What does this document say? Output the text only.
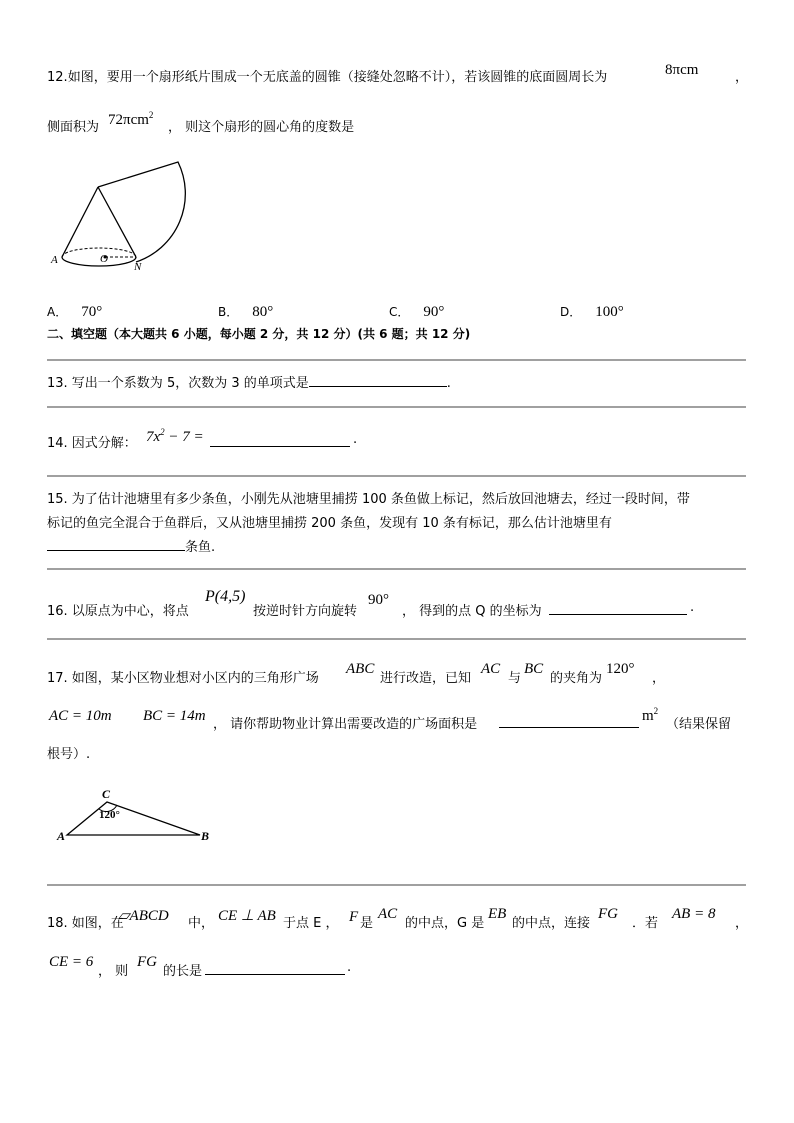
12.如图，要用一个扇形纸片围成一个无底盖的圆锥（接缝处忽略不计），若该圆锥的底面圆周长为	8πcm	，
侧面积为 72πcm$^2$
， 则这个扇形的圆心角的度数是
A	O
N
A． 70°	B． 80°	C． 90°	D． 100°
二、填空题（本大题共 6 小题，每小题 2 分，共 12 分）(共 6 题；共 12 分)
13. 写出一个系数为 5，次数为 3 的单项式是	.
14. 因式分解： $7x^2 - 7$ =	.
15. 为了估计池塘里有多少条鱼，小刚先从池塘里捕捞 100 条鱼做上标记，然后放回池塘去，经过一段时间，带
标记的鱼完全混合于鱼群后，又从池塘里捕捞 200 条鱼，发现有 10 条有标记，那么估计池塘里有
条鱼.
16. 以原点为中心，将点
P(4,5)
按逆时针方向旋转
90°
， 得到的点 Q 的坐标为	.
17. 如图，某小区物业想对小区内的三角形广场
ABC
进行改造，已知
AC
与
BC
的夹角为
120°
，
AC = 10m BC = 14m
， 请你帮助物业计算出需要改造的广场面积是
$m^2$
（结果保留
根号）.
A	B
C
120°
18. 如图，在
▱ABCD 中， CE ⊥ AB 于点 E ， F 是
AC
的中点，G 是
EB
的中点，连接
FG
．若
AB = 8
，
CE = 6
， 则
FG
的长是	.
